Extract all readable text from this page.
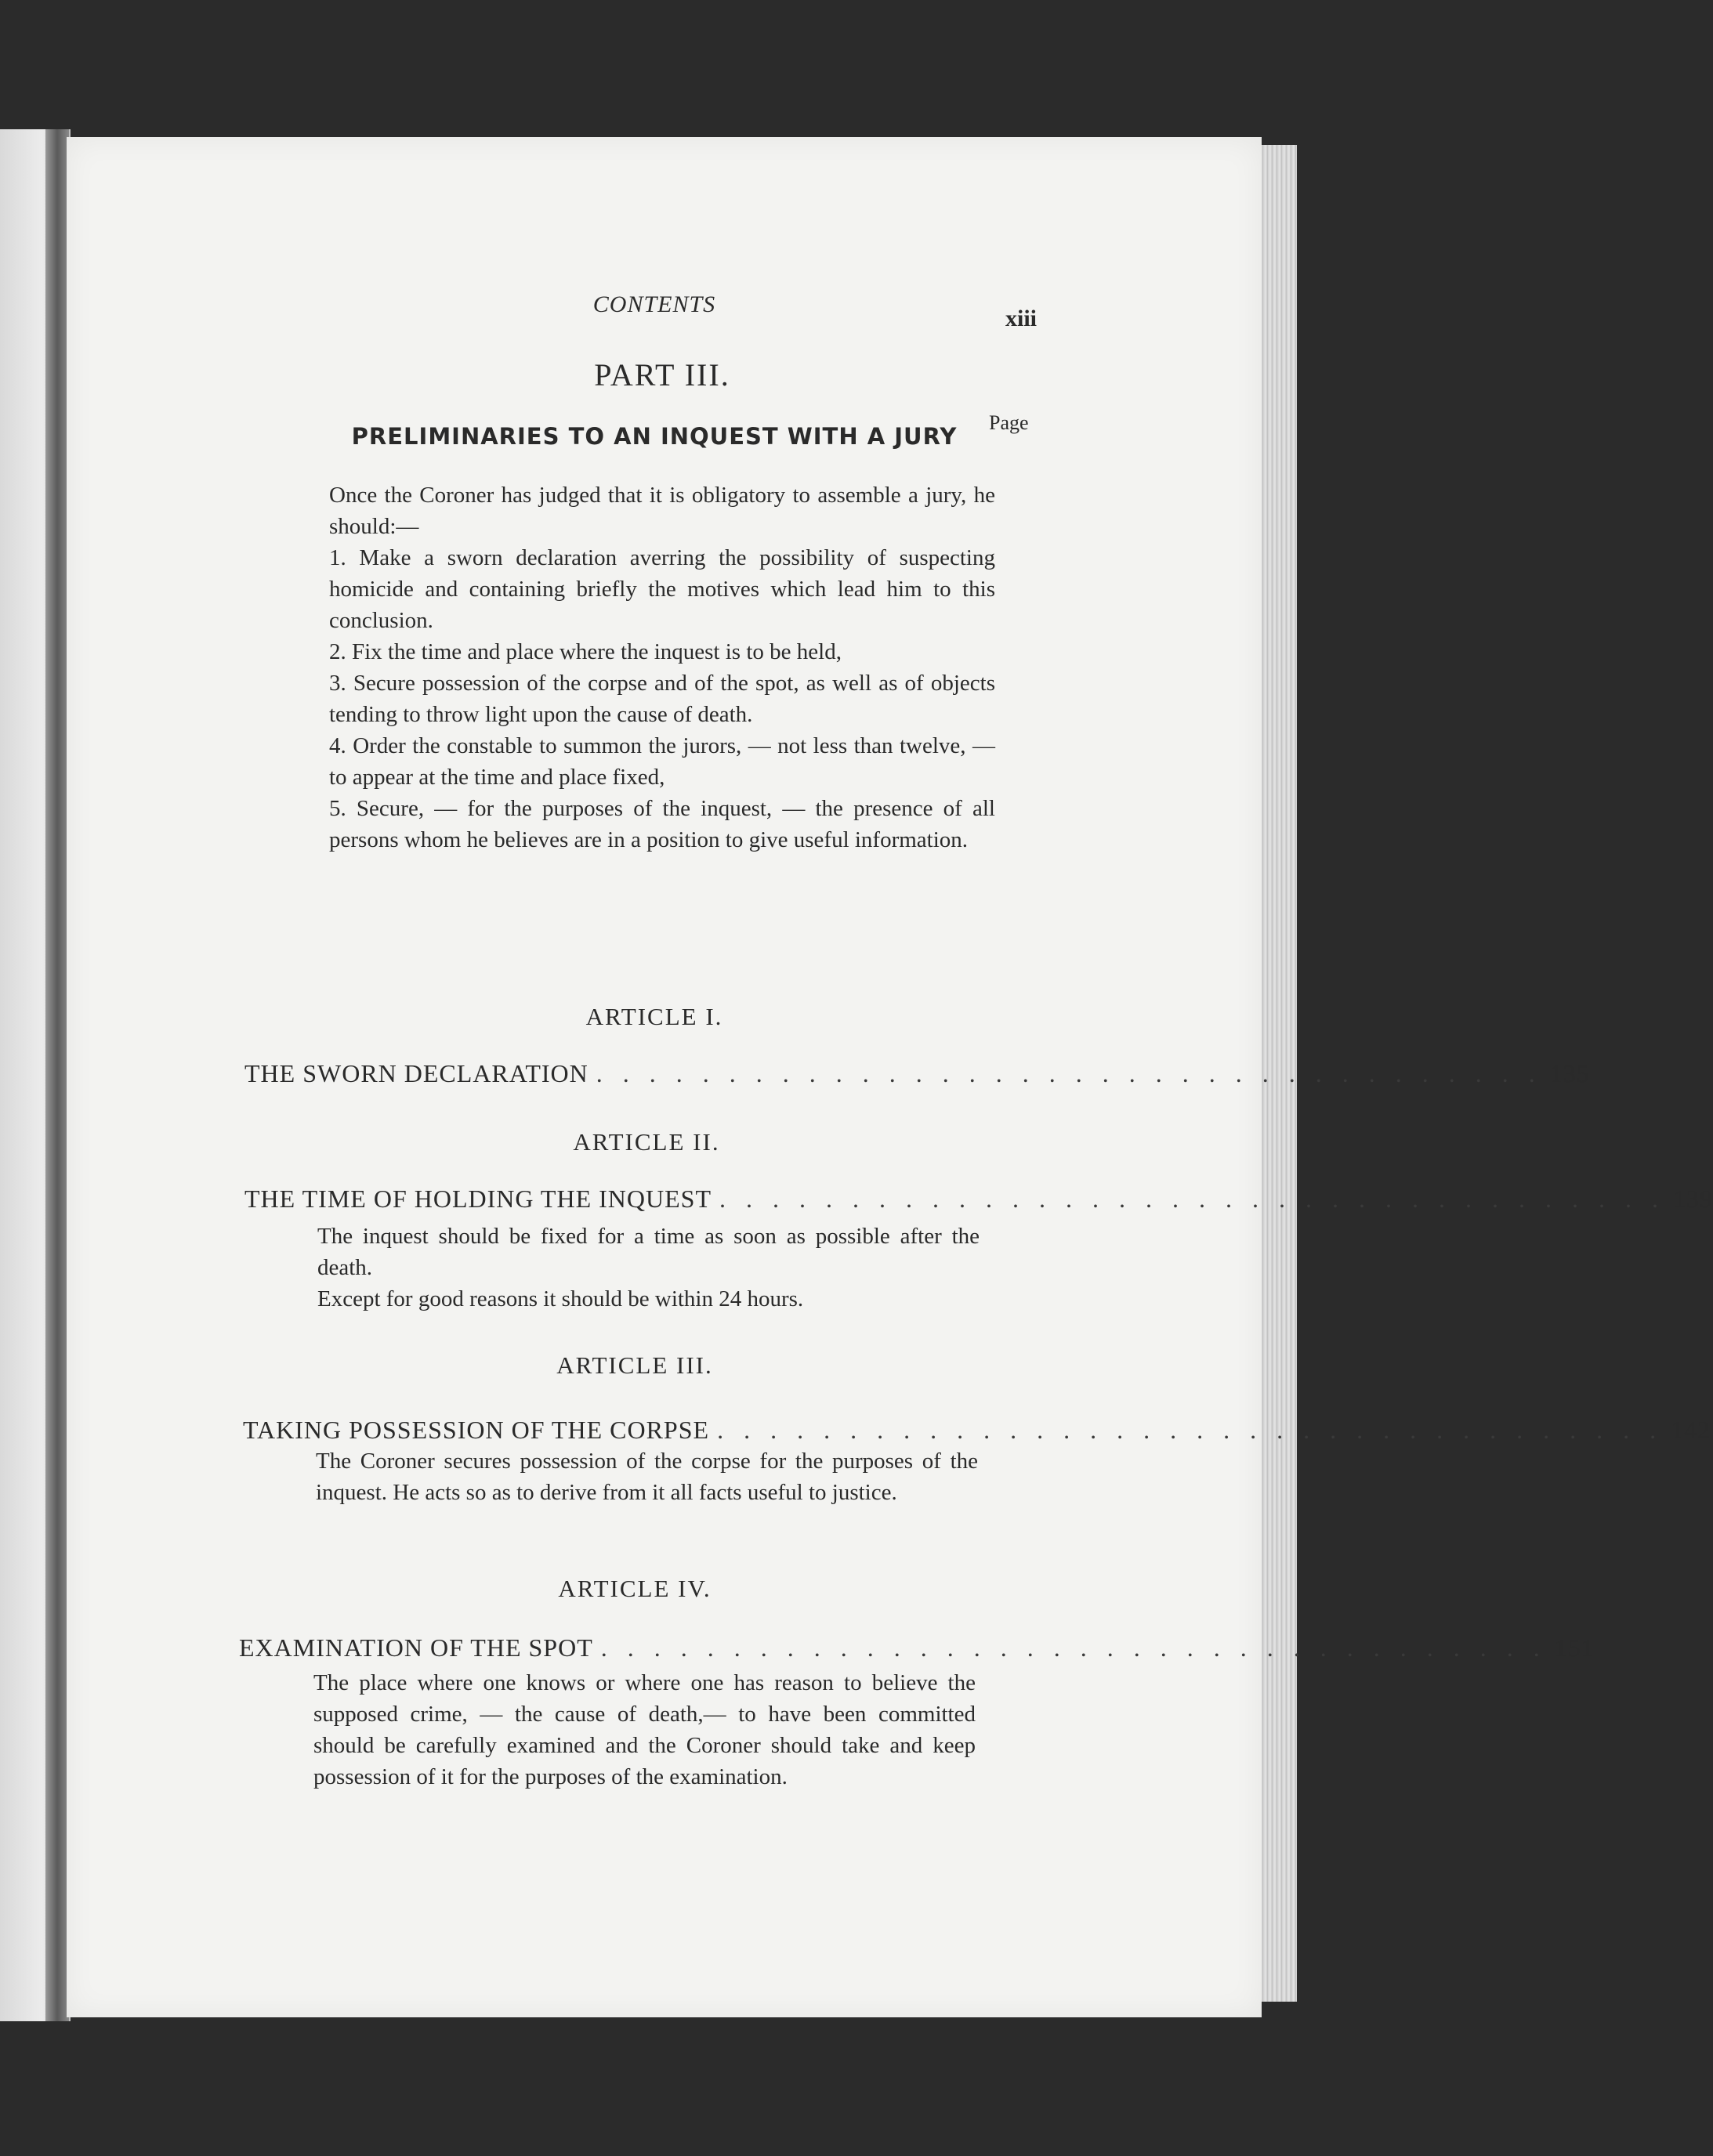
CONTENTS
xiii
PART III.
Page
PRELIMINARIES TO AN INQUEST WITH A JURY

Once the Coroner has judged that it is obligatory to assemble a jury, he should:—

1. Make a sworn declaration averring the possibility of suspecting homicide and containing briefly the motives which lead him to this conclusion.

2. Fix the time and place where the inquest is to be held,

3. Secure possession of the corpse and of the spot, as well as of objects tending to throw light upon the cause of death.

4. Order the constable to summon the jurors, — not less than twelve, — to appear at the time and place fixed,

5. Secure, — for the purposes of the inquest, — the presence of all persons whom he believes are in a position to give useful information.

ARTICLE I.
THE SWORN DECLARATION . . . . . . . . . . . . . . . . . . . . . . . . . . . . . . . . . . . . 135
ARTICLE II.
THE TIME OF HOLDING THE INQUEST . . . . . . . . . . . . . . . . . . . . . . . . . . . . . . . . . . . . 139

The inquest should be fixed for a time as soon as possible after the death.

Except for good reasons it should be within 24 hours.

ARTICLE III.
TAKING POSSESSION OF THE CORPSE . . . . . . . . . . . . . . . . . . . . . . . . . . . . . . . . . . . . 142

The Coroner secures possession of the corpse for the purposes of the inquest. He acts so as to derive from it all facts useful to justice.

ARTICLE IV.
EXAMINATION OF THE SPOT . . . . . . . . . . . . . . . . . . . . . . . . . . . . . . . . . . . . 151

The place where one knows or where one has reason to believe the supposed crime, — the cause of death,— to have been committed should be carefully examined and the Coroner should take and keep possession of it for the purposes of the examination.
